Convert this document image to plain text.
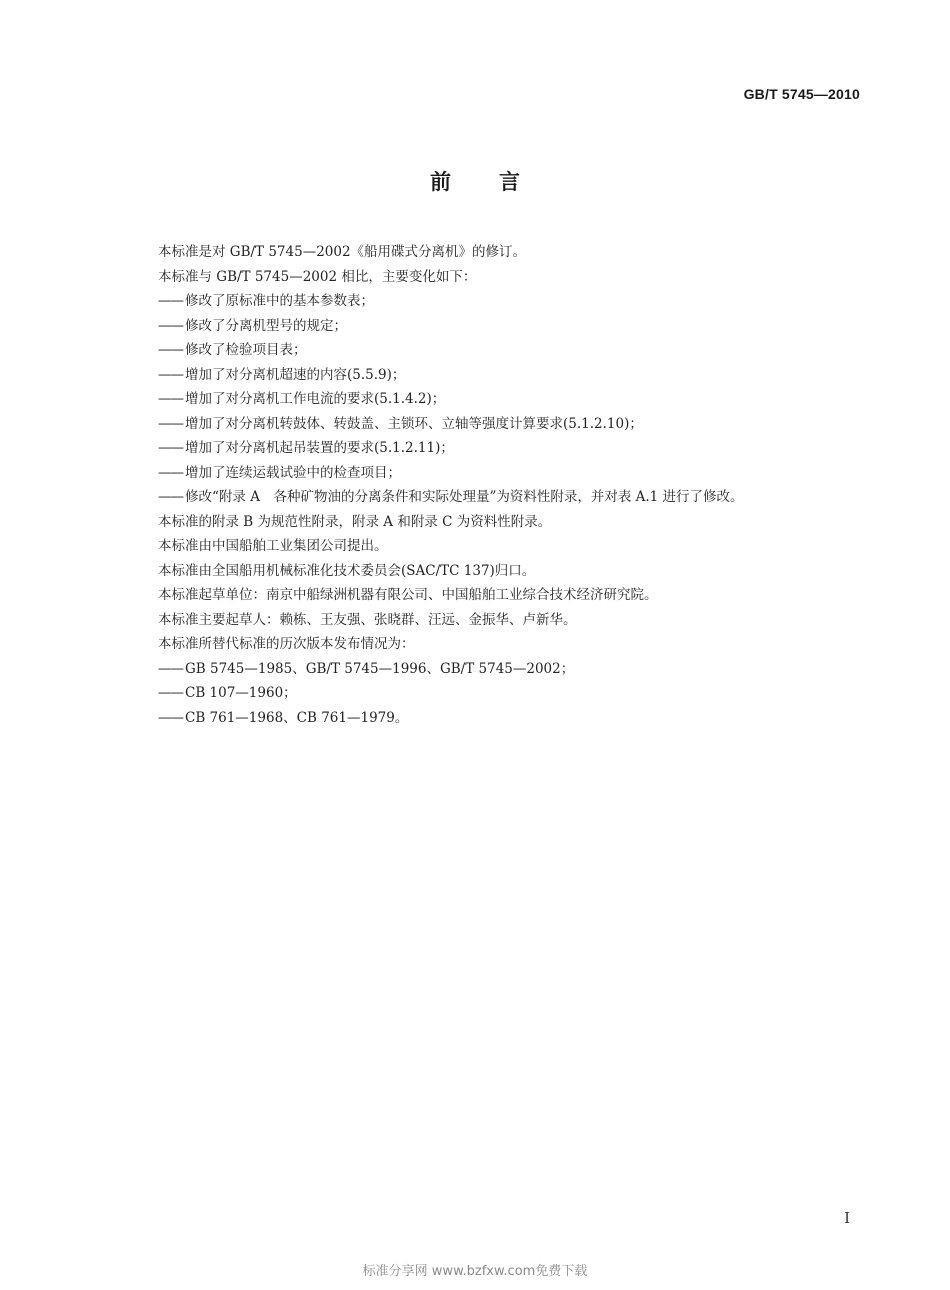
GB/T 5745—2010
前言
本标准是对 GB/T 5745—2002《船用碟式分离机》的修订。
本标准与 GB/T 5745—2002 相比，主要变化如下：
—— 修改了原标准中的基本参数表；
—— 修改了分离机型号的规定；
—— 修改了检验项目表；
—— 增加了对分离机超速的内容(5.5.9)；
—— 增加了对分离机工作电流的要求(5.1.4.2)；
—— 增加了对分离机转鼓体、转鼓盖、主锁环、立轴等强度计算要求(5.1.2.10)；
—— 增加了对分离机起吊装置的要求(5.1.2.11)；
—— 增加了连续运载试验中的检查项目；
—— 修改“附录 A　各种矿物油的分离条件和实际处理量”为资料性附录，并对表 A.1 进行了修改。
本标准的附录 B 为规范性附录，附录 A 和附录 C 为资料性附录。
本标准由中国船舶工业集团公司提出。
本标准由全国船用机械标准化技术委员会(SAC/TC 137)归口。
本标准起草单位：南京中船绿洲机器有限公司、中国船舶工业综合技术经济研究院。
本标准主要起草人：赖栋、王友强、张晓群、汪远、金振华、卢新华。
本标准所替代标准的历次版本发布情况为：
—— GB 5745—1985、GB/T 5745—1996、GB/T 5745—2002；
—— CB 107—1960；
—— CB 761—1968、CB 761—1979。
I
标准分享网 www.bzfxw.com免费下载
